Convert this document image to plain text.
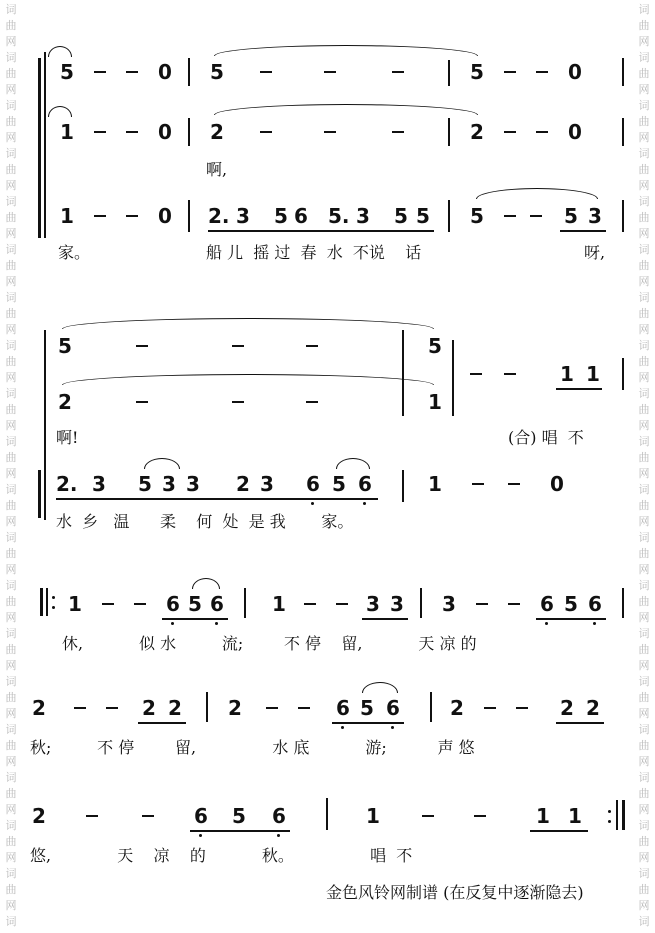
词
曲
网
词
曲
网
词
曲
网
词
曲
网
词
曲
网
词
曲
网
词
曲
网
词
曲
网
词
曲
网
词
曲
网
词
曲
网
词
曲
网
词
曲
网
词
曲
网
词
曲
网
词
曲
网
词
曲
网
词
曲
网
词
曲
网
词
词
曲
网
词
曲
网
词
曲
网
词
曲
网
词
曲
网
词
曲
网
词
曲
网
词
曲
网
词
曲
网
词
曲
网
词
曲
网
词
曲
网
词
曲
网
词
曲
网
词
曲
网
词
曲
网
词
曲
网
词
曲
网
词
曲
网
词
5	0 5	5	0
1	0 2	2	0
啊,
1	0 2. 3 5 6 5. 3 5 5 5	5 3
家。	船 儿  摇 过  春  水  不说    话	呀,
5	5
2	1
1 1
啊!	(合) 唱  不
2. 3 5 3 3 2 3 6 5 6	1	0
水  乡   温      柔    何  处  是 我       家。
1	6 5 6 1	3 3 3	6 5 6
休,           似 水         流;        不 停    留,           天 凉 的
2	2 2 2	6 5 6	2	2 2
秋;         不 停        留,               水 底           游;          声 悠
2	6 5 6	1	1 1
悠,             天    凉    的           秋。               唱  不
金色风铃网制谱 (在反复中逐渐隐去)
